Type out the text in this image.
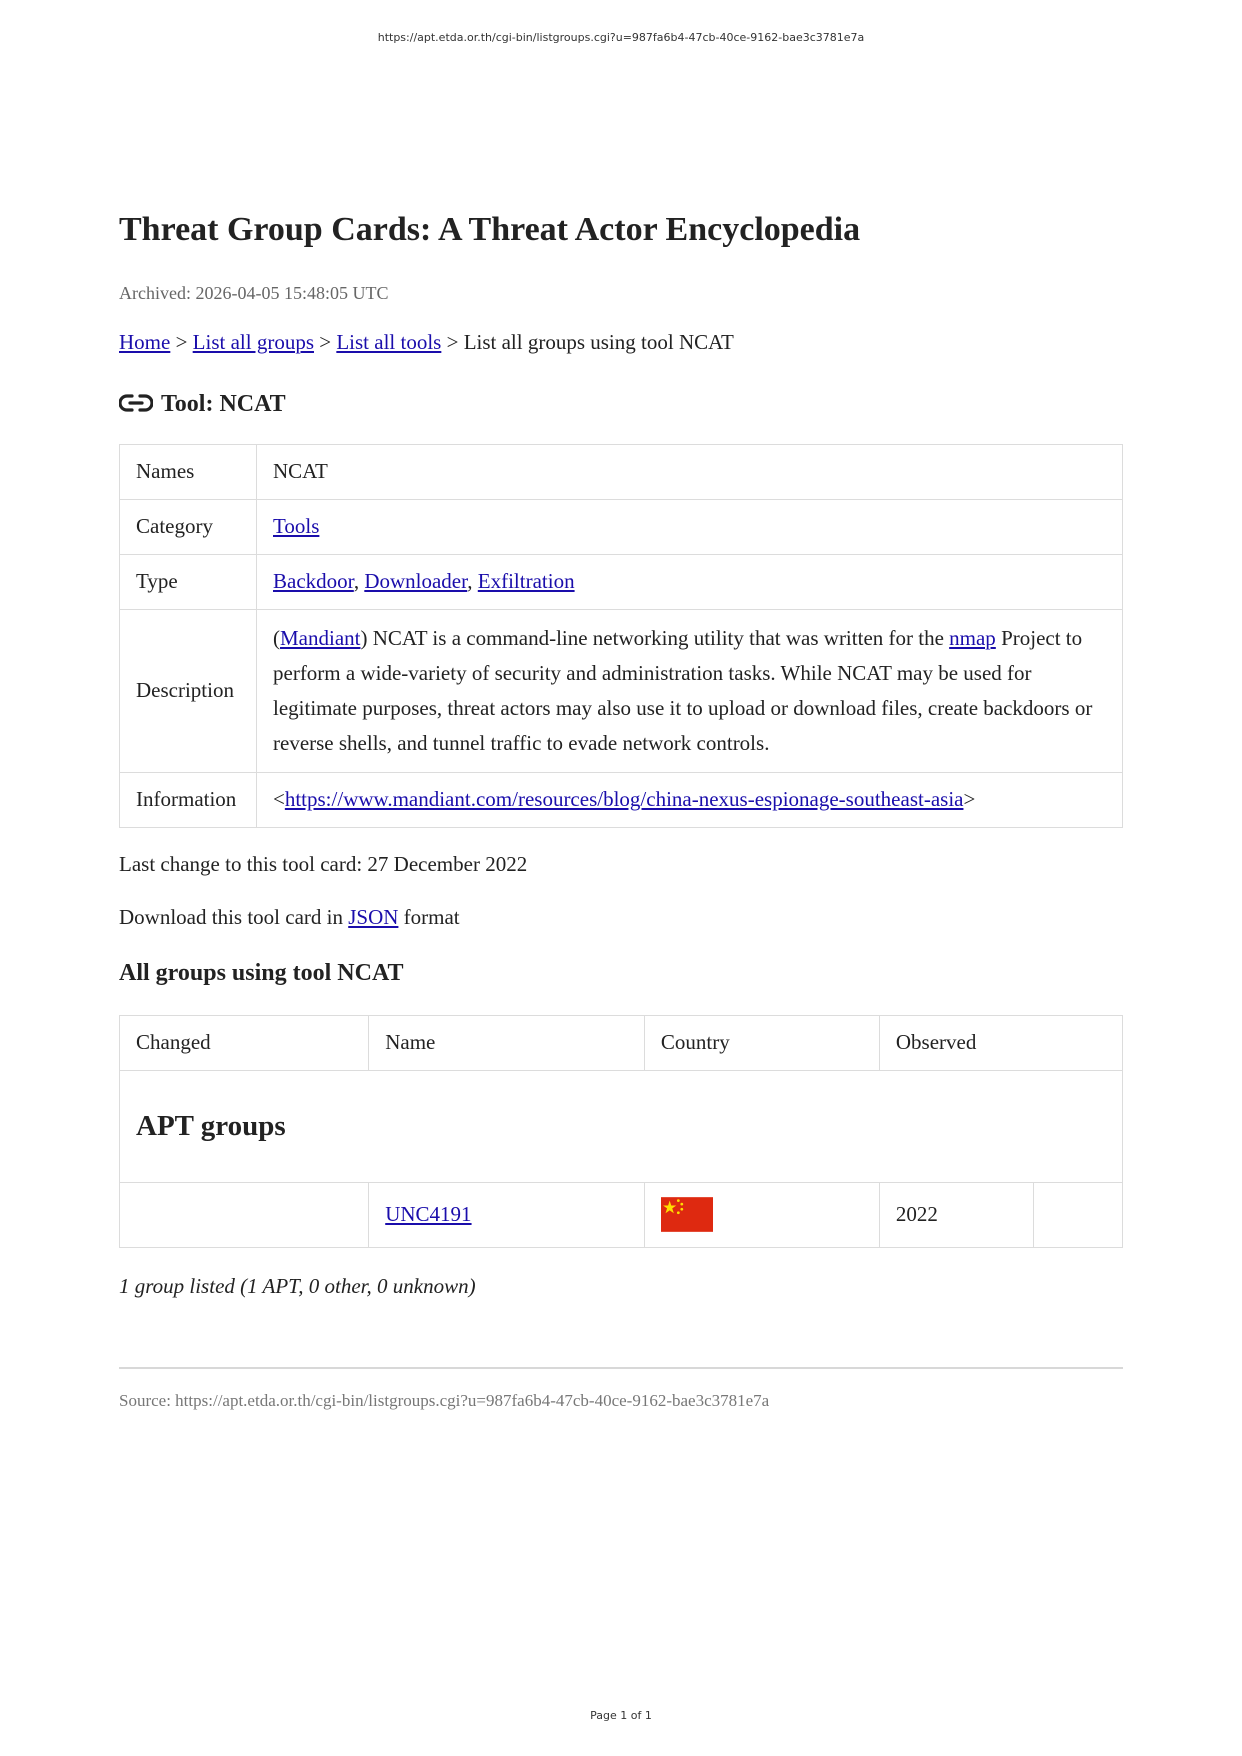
https://apt.etda.or.th/cgi-bin/listgroups.cgi?u=987fa6b4-47cb-40ce-9162-bae3c3781e7a
Threat Group Cards: A Threat Actor Encyclopedia
Archived: 2026-04-05 15:48:05 UTC
Home > List all groups > List all tools > List all groups using tool NCAT
Tool: NCAT
Names	NCAT
Category	Tools
Type	Backdoor, Downloader, Exfiltration
Description	(Mandiant) NCAT is a command-line networking utility that was written for the nmap Project to perform a wide-variety of security and administration tasks. While NCAT may be used for legitimate purposes, threat actors may also use it to upload or download files, create backdoors or reverse shells, and tunnel traffic to evade network controls.
Information	<https://www.mandiant.com/resources/blog/china-nexus-espionage-southeast-asia>
Last change to this tool card: 27 December 2022
Download this tool card in JSON format
All groups using tool NCAT
Changed	Name	Country	Observed	
APT groups				
	UNC4191		2022	
1 group listed (1 APT, 0 other, 0 unknown)
Source: https://apt.etda.or.th/cgi-bin/listgroups.cgi?u=987fa6b4-47cb-40ce-9162-bae3c3781e7a
Page 1 of 1
